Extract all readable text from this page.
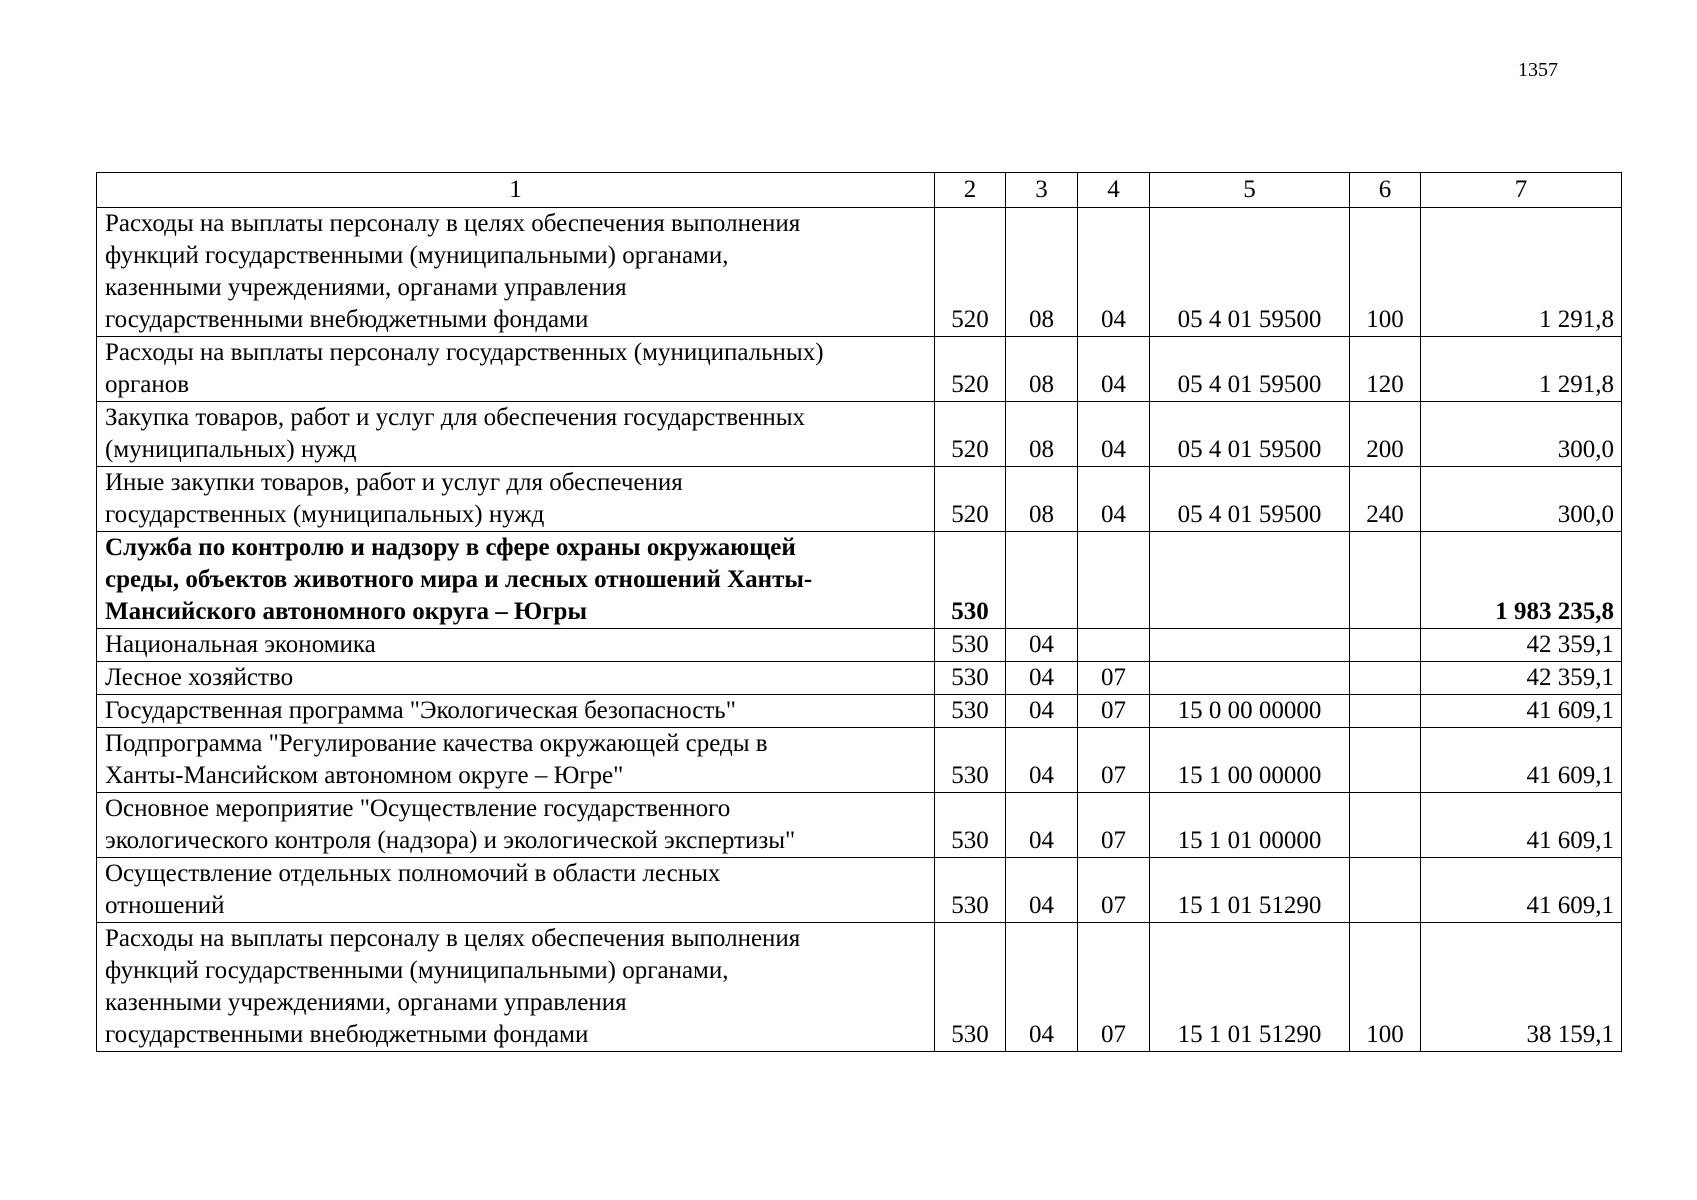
1357
1	2	3	4	5	6	7

Расходы на выплаты персоналу в целях обеспечения выполнения
функций государственными (муниципальными) органами,
казенными учреждениями, органами управления
государственными внебюджетными фондами	520	08	04	05 4 01 59500	100	1 291,8

Расходы на выплаты персоналу государственных (муниципальных)
органов	520	08	04	05 4 01 59500	120	1 291,8

Закупка товаров, работ и услуг для обеспечения государственных
(муниципальных) нужд	520	08	04	05 4 01 59500	200	300,0

Иные закупки товаров, работ и услуг для обеспечения
государственных (муниципальных) нужд	520	08	04	05 4 01 59500	240	300,0

Служба по контролю и надзору в сфере охраны окружающей
среды, объектов животного мира и лесных отношений Ханты-
Мансийского автономного округа – Югры	530					1 983 235,8

Национальная экономика	530	04				42 359,1

Лесное хозяйство	530	04	07			42 359,1

Государственная программа "Экологическая безопасность"	530	04	07	15 0 00 00000		41 609,1

Подпрограмма "Регулирование качества окружающей среды в
Ханты-Мансийском автономном округе – Югре"	530	04	07	15 1 00 00000		41 609,1

Основное мероприятие "Осуществление государственного
экологического контроля (надзора) и экологической экспертизы"	530	04	07	15 1 01 00000		41 609,1

Осуществление отдельных полномочий в области лесных
отношений	530	04	07	15 1 01 51290		41 609,1

Расходы на выплаты персоналу в целях обеспечения выполнения
функций государственными (муниципальными) органами,
казенными учреждениями, органами управления
государственными внебюджетными фондами	530	04	07	15 1 01 51290	100	38 159,1
